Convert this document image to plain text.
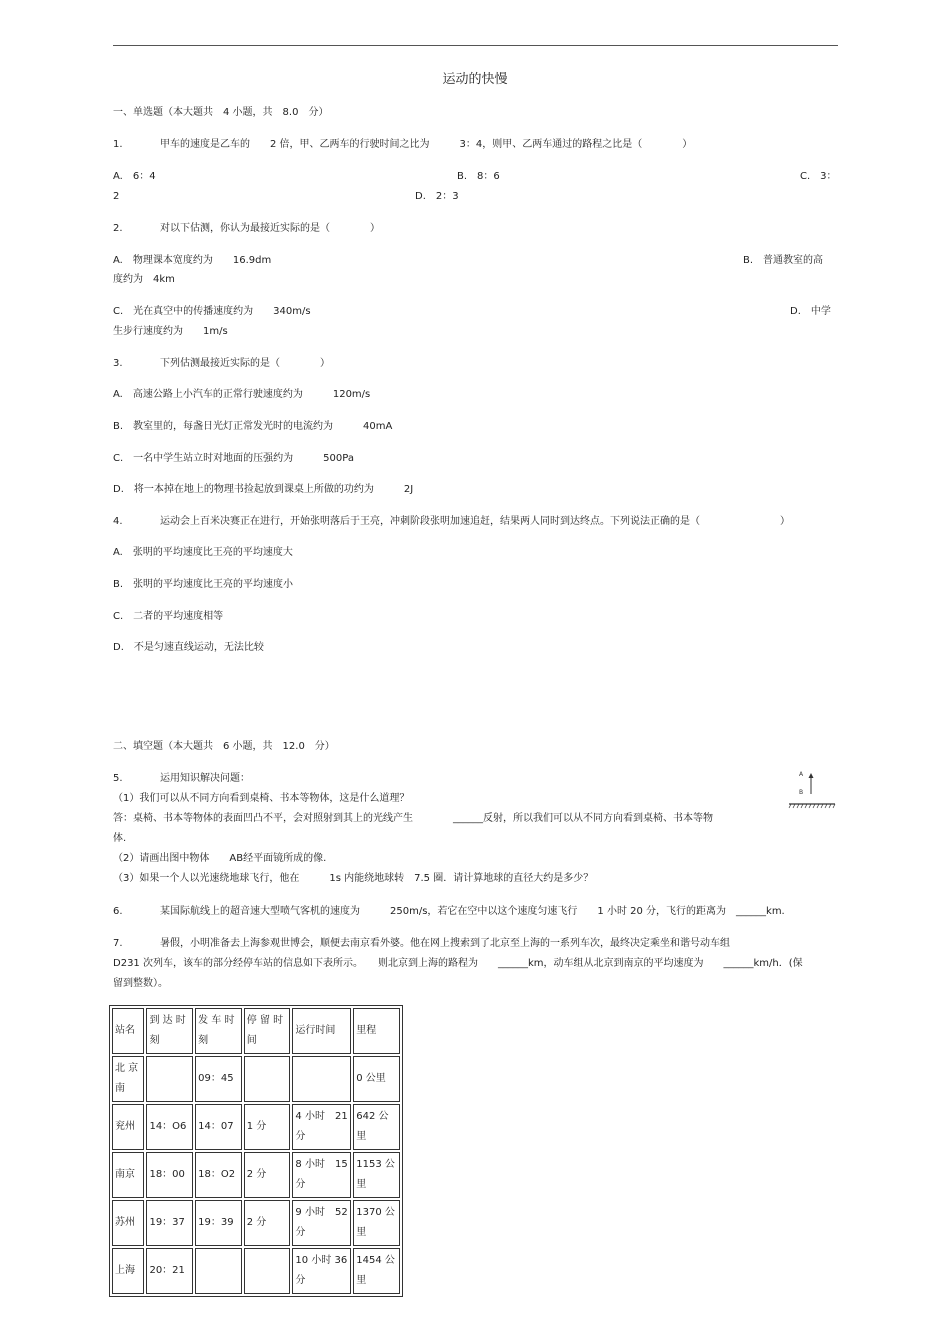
运动的快慢
一、单选题（本大题共　4 小题，共　8.0　分）
1.	甲车的速度是乙车的　　2 倍，甲、乙两车的行驶时间之比为　　　3：4，则甲、乙两车通过的路程之比是（　　　　）
A.　6：4	B.　8：6	C.　3：
2	D.　2：3
2.	对以下估测，你认为最接近实际的是（　　　　）
A.　物理课本宽度约为　　16.9dm	B.　普通教室的高
度约为　4km
C.　光在真空中的传播速度约为　　340m/s	D.　中学
生步行速度约为　　1m/s
3.	下列估测最接近实际的是（　　　　）
A.　高速公路上小汽车的正常行驶速度约为　　　120m/s
B.　教室里的，每盏日光灯正常发光时的电流约为　　　40mA
C.　一名中学生站立时对地面的压强约为　　　500Pa
D.　将一本掉在地上的物理书捡起放到课桌上所做的功约为　　　2J
4.	运动会上百米决赛正在进行，开始张明落后于王亮，冲刺阶段张明加速追赶，结果两人同时到达终点。下列说法正确的是（　　　　　　　　）
A.　张明的平均速度比王亮的平均速度大
B.　张明的平均速度比王亮的平均速度小
C.　二者的平均速度相等
D.　不是匀速直线运动，无法比较
二、填空题（本大题共　6 小题，共　12.0　分）
5.	运用知识解决问题：
（1）我们可以从不同方向看到桌椅、书本等物体，这是什么道理？
答：桌椅、书本等物体的表面凹凸不平，会对照射到其上的光线产生　　　　______反射，所以我们可以从不同方向看到桌椅、书本等物
体.
（2）请画出图中物体　　AB经平面镜所成的像.
（3）如果一个人以光速绕地球飞行，他在　　　1s 内能绕地球转　7.5 圈．请计算地球的直径大约是多少？
A
B
6.	某国际航线上的超音速大型喷气客机的速度为　　　250m/s，若它在空中以这个速度匀速飞行　　1 小时 20 分，飞行的距离为　______km.
7.	暑假，小明准备去上海参观世博会，顺便去南京看外婆。他在网上搜索到了北京至上海的一系列车次，最终决定乘坐和谐号动车组
D231 次列车，该车的部分经停车站的信息如下表所示。　　则北京到上海的路程为　　______km，动车组从北京到南京的平均速度为　　______km/h．(保
留到整数）。
站名	到 达 时刻	发 车 时刻	停 留 时间	运行时间	里程
北 京 南		09：45			0 公里
兖州	14：O6	14：07	1 分	4 小时　21 分	642 公里
南京	18：00	18：O2	2 分	8 小时　15 分	1153 公里
苏州	19：37	19：39	2 分	9 小时　52 分	1370 公里
上海	20：21			10 小时 36 分	1454 公里
